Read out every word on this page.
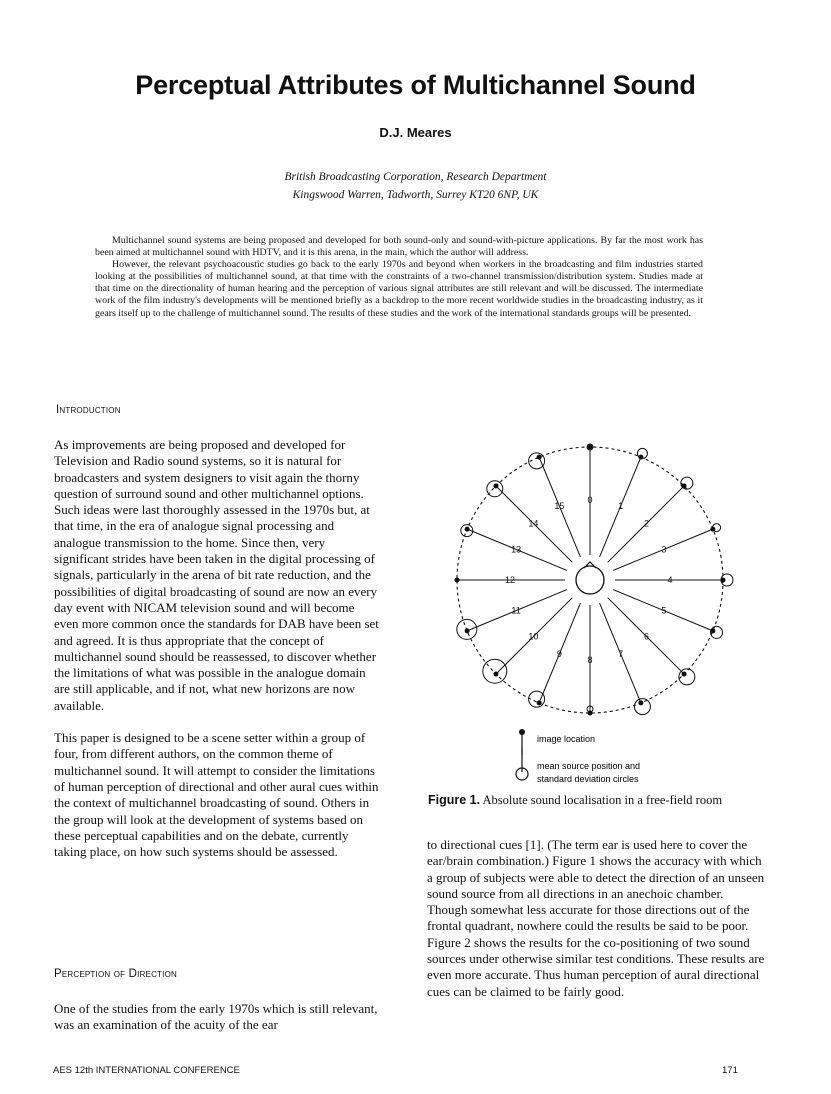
Perceptual Attributes of Multichannel Sound
D.J. Meares
British Broadcasting Corporation, Research Department
Kingswood Warren, Tadworth, Surrey KT20 6NP, UK

Multichannel sound systems are being proposed and developed for both sound-only and sound-with-picture applications. By far the most work has been aimed at multichannel sound with HDTV, and it is this arena, in the main, which the author will address.

However, the relevant psychoacoustic studies go back to the early 1970s and beyond when workers in the broadcasting and film industries started looking at the possibilities of multichannel sound, at that time with the constraints of a two-channel transmission/distribution system. Studies made at that time on the directionality of human hearing and the perception of various signal attributes are still relevant and will be discussed. The intermediate work of the film industry's developments will be mentioned briefly as a backdrop to the more recent worldwide studies in the broadcasting industry, as it gears itself up to the challenge of multichannel sound. The results of these studies and the work of the international standards groups will be presented.

Introduction

As improvements are being proposed and developed for Television and Radio sound systems, so it is natural for broadcasters and system designers to visit again the thorny question of surround sound and other multichannel options. Such ideas were last thoroughly assessed in the 1970s but, at that time, in the era of analogue signal processing and analogue transmission to the home. Since then, very significant strides have been taken in the digital processing of signals, particularly in the arena of bit rate reduction, and the possibilities of digital broadcasting of sound are now an every day event with NICAM television sound and will become even more common once the standards for DAB have been set and agreed. It is thus appropriate that the concept of multichannel sound should be reassessed, to discover whether the limitations of what was possible in the analogue domain are still applicable, and if not, what new horizons are now available.

This paper is designed to be a scene setter within a group of four, from different authors, on the common theme of multichannel sound. It will attempt to consider the limitations of human perception of directional and other aural cues within the context of multichannel broadcasting of sound. Others in the group will look at the development of systems based on these perceptual capabilities and on the debate, currently taking place, on how such systems should be assessed.

Perception of Direction
One of the studies from the early 1970s which is still relevant, was an examination of the acuity of the ear
0
1
2
3
4
5
6
7
8
9
10
11
12
13
14
15
image location
mean source position and
standard deviation circles
Figure 1. Absolute sound localisation in a free-field room
to directional cues [1]. (The term ear is used here to cover the ear/brain combination.) Figure 1 shows the accuracy with which a group of subjects were able to detect the direction of an unseen sound source from all directions in an anechoic chamber. Though somewhat less accurate for those directions out of the frontal quadrant, nowhere could the results be said to be poor. Figure 2 shows the results for the co-positioning of two sound sources under otherwise similar test conditions. These results are even more accurate. Thus human perception of aural directional cues can be claimed to be fairly good.
AES 12th INTERNATIONAL CONFERENCE	171
